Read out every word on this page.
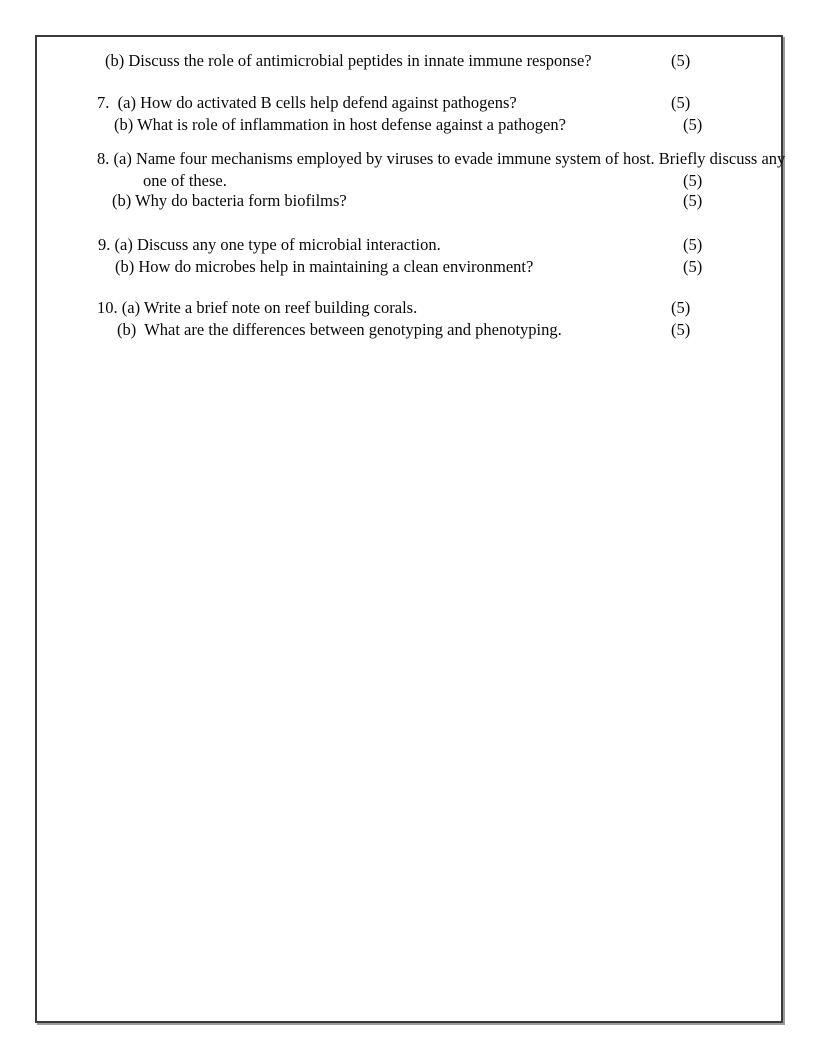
(b) Discuss the role of antimicrobial peptides in innate immune response?	(5)
7.  (a) How do activated B cells help defend against pathogens?	(5)
(b) What is role of inflammation in host defense against a pathogen?	(5)
8. (a) Name four mechanisms employed by viruses to evade immune system of host. Briefly discuss any
one of these.	(5)
(b) Why do bacteria form biofilms?	(5)
9. (a) Discuss any one type of microbial interaction.	(5)
(b) How do microbes help in maintaining a clean environment?	(5)
10. (a) Write a brief note on reef building corals.	(5)
(b)  What are the differences between genotyping and phenotyping.	(5)
